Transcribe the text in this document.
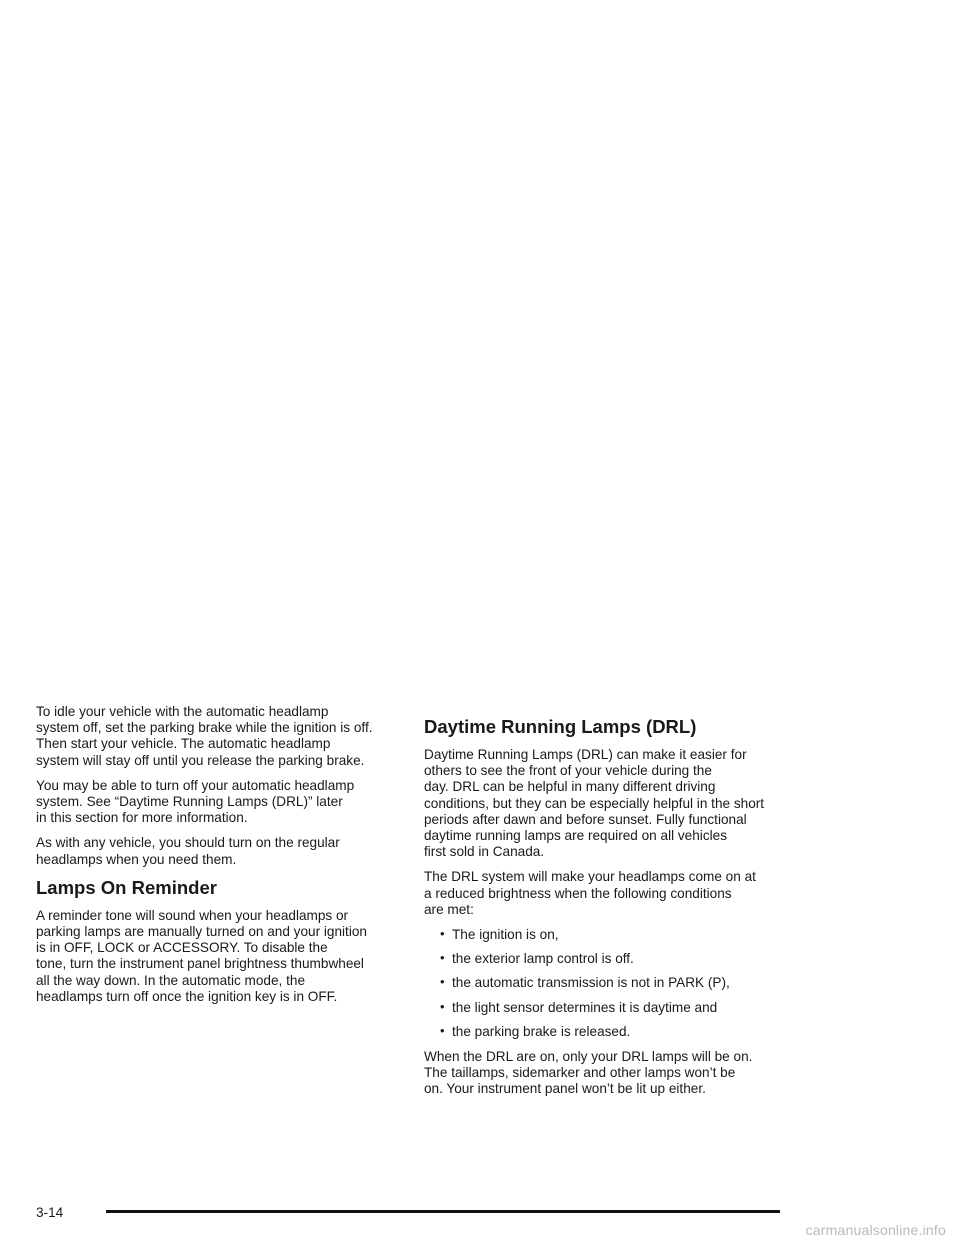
To idle your vehicle with the automatic headlamp
system off, set the parking brake while the ignition is off.
Then start your vehicle. The automatic headlamp
system will stay off until you release the parking brake.

You may be able to turn off your automatic headlamp
system. See “Daytime Running Lamps (DRL)” later
in this section for more information.

As with any vehicle, you should turn on the regular
headlamps when you need them.

Lamps On Reminder

A reminder tone will sound when your headlamps or
parking lamps are manually turned on and your ignition
is in OFF, LOCK or ACCESSORY. To disable the
tone, turn the instrument panel brightness thumbwheel
all the way down. In the automatic mode, the
headlamps turn off once the ignition key is in OFF.

Daytime Running Lamps (DRL)

Daytime Running Lamps (DRL) can make it easier for
others to see the front of your vehicle during the
day. DRL can be helpful in many different driving
conditions, but they can be especially helpful in the short
periods after dawn and before sunset. Fully functional
daytime running lamps are required on all vehicles
first sold in Canada.

The DRL system will make your headlamps come on at
a reduced brightness when the following conditions
are met:

• The ignition is on,
• the exterior lamp control is off.
• the automatic transmission is not in PARK (P),
• the light sensor determines it is daytime and
• the parking brake is released.

When the DRL are on, only your DRL lamps will be on.
The taillamps, sidemarker and other lamps won’t be
on. Your instrument panel won’t be lit up either.

3-14
carmanualsonline.info
